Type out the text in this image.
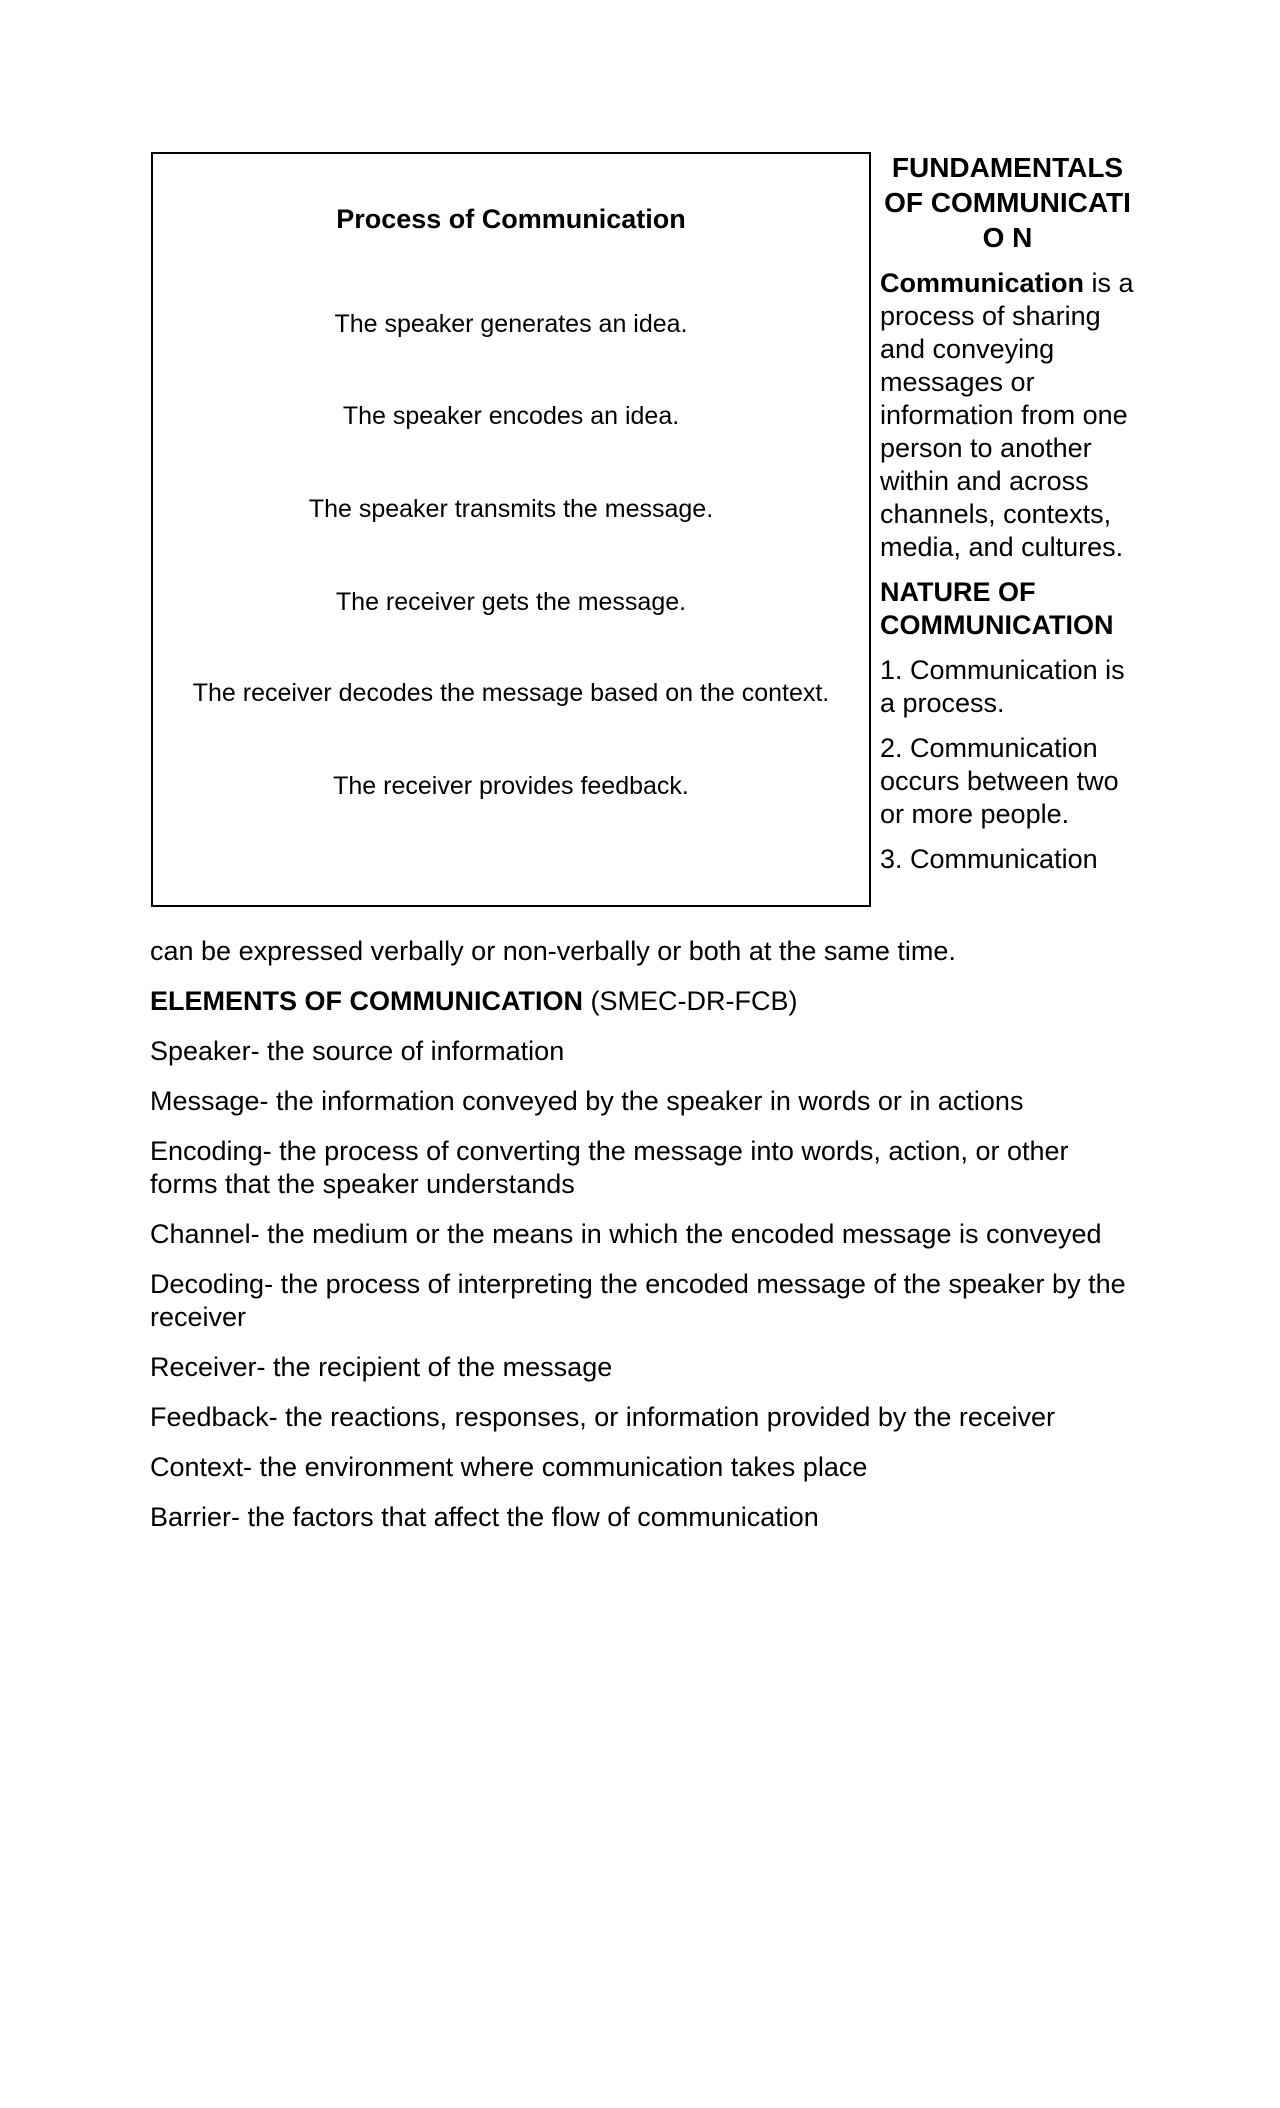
Process of Communication
The speaker generates an idea.
The speaker encodes an idea.
The speaker transmits the message.
The receiver gets the message.
The receiver decodes the message based on the context.
The receiver provides feedback.
FUNDAMENTALS OF COMMUNICATIO N

Communication is a process of sharing and conveying messages or information from one person to another within and across channels, contexts, media, and cultures.

NATURE OF COMMUNICATION

1. Communication is a process.

2. Communication occurs between two or more people.

3. Communication

can be expressed verbally or non-verbally or both at the same time.

ELEMENTS OF COMMUNICATION (SMEC-DR-FCB)

Speaker- the source of information

Message- the information conveyed by the speaker in words or in actions

Encoding- the process of converting the message into words, action, or other forms that the speaker understands

Channel- the medium or the means in which the encoded message is conveyed

Decoding- the process of interpreting the encoded message of the speaker by the receiver

Receiver- the recipient of the message

Feedback- the reactions, responses, or information provided by the receiver

Context- the environment where communication takes place

Barrier- the factors that affect the flow of communication
